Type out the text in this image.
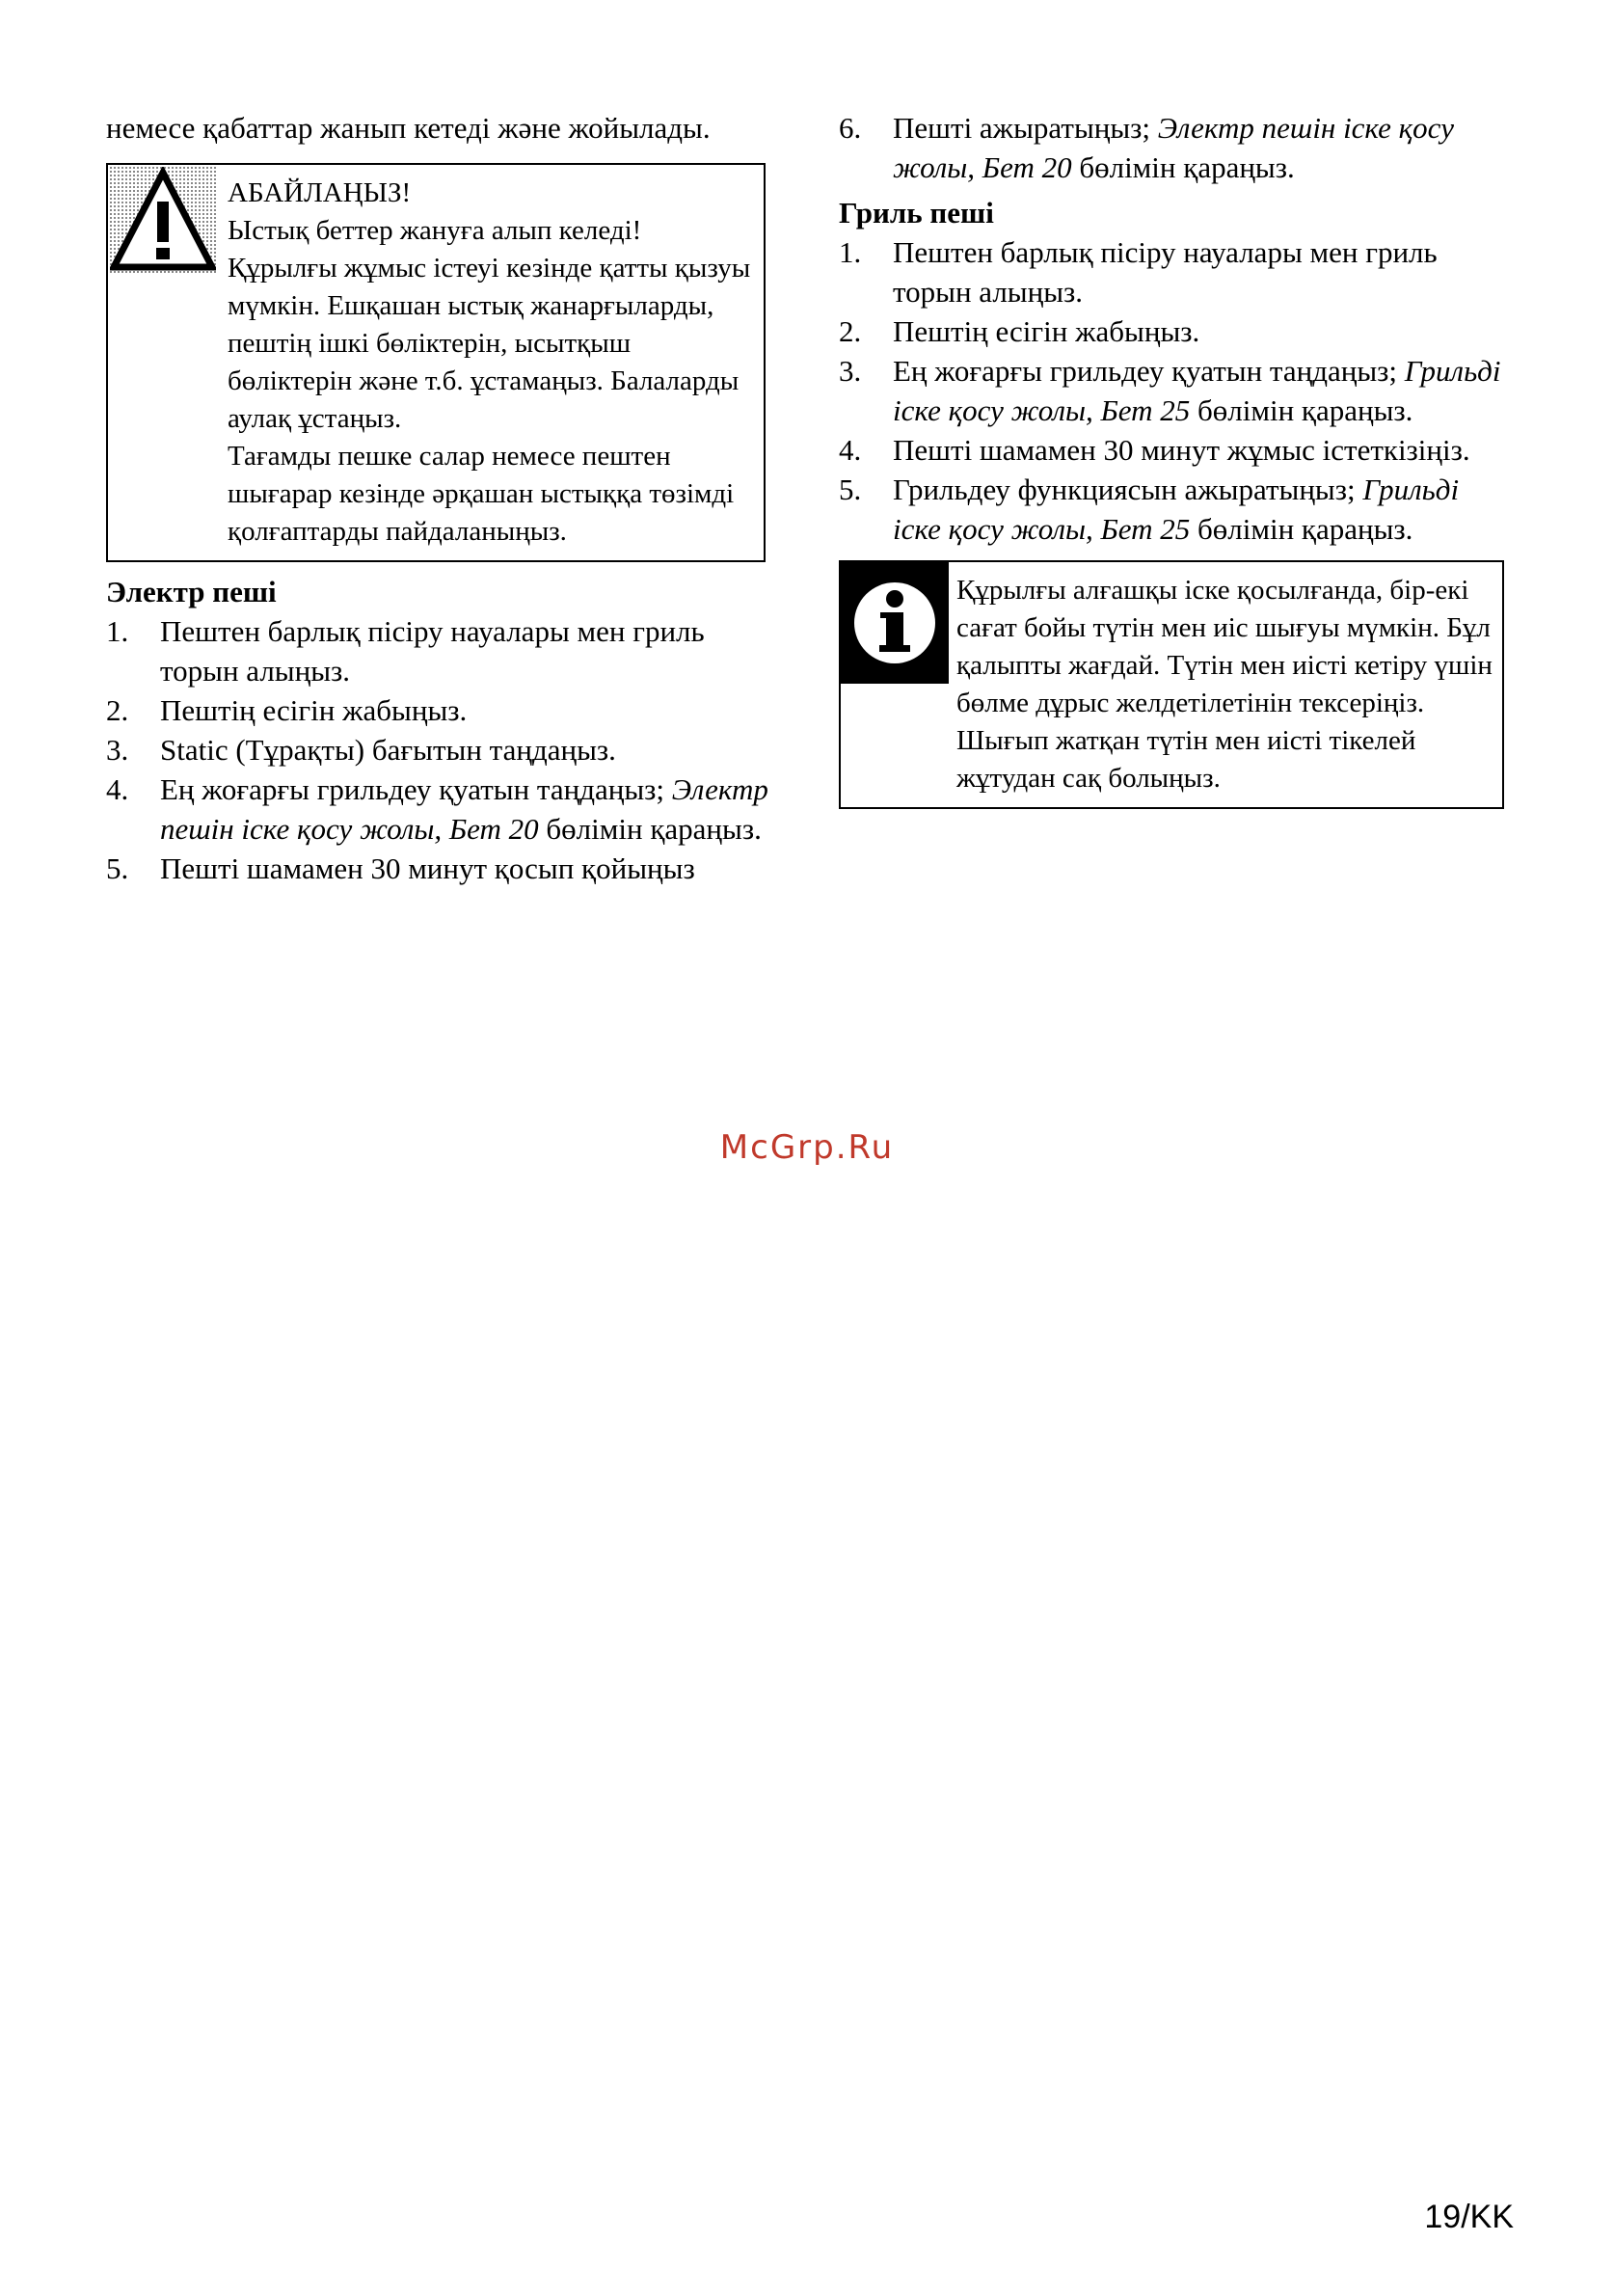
немесе қабаттар жанып кетеді және жойылады.

АБАЙЛАҢЫЗ!

Ыстық беттер жануға алып келеді! Құрылғы жұмыс істеуі кезінде қатты қызуы мүмкін. Ешқашан ыстық жанарғыларды, пештің ішкі бөліктерін, ысытқыш бөліктерін және т.б. ұстамаңыз. Балаларды аулақ ұстаңыз.

Тағамды пешке салар немесе пештен шығарар кезінде әрқашан ыстыққа төзімді қолғаптарды пайдаланыңыз.

Электр пеші

1. Пештен барлық пісіру науалары мен гриль торын алыңыз.
2. Пештің есігін жабыңыз.
3. Static (Тұрақты) бағытын таңдаңыз.
4. Ең жоғарғы грильдеу қуатын таңдаңыз; Электр пешін іске қосу жолы, Бет 20 бөлімін қараңыз.
5. Пешті шамамен 30 минут қосып қойыңыз
6. Пешті ажыратыңыз; Электр пешін іске қосу жолы, Бет 20 бөлімін қараңыз.

Гриль пеші

1. Пештен барлық пісіру науалары мен гриль торын алыңыз.
2. Пештің есігін жабыңыз.
3. Ең жоғарғы грильдеу қуатын таңдаңыз; Грильді іске қосу жолы, Бет 25 бөлімін қараңыз.
4. Пешті шамамен 30 минут жұмыс істеткізіңіз.
5. Грильдеу функциясын ажыратыңыз; Грильді іске қосу жолы, Бет 25 бөлімін қараңыз.

Құрылғы алғашқы іске қосылғанда, бір-екі сағат бойы түтін мен иіс шығуы мүмкін. Бұл қалыпты жағдай. Түтін мен иісті кетіру үшін бөлме дұрыс желдетілетінін тексеріңіз. Шығып жатқан түтін мен иісті тікелей жұтудан сақ болыңыз.

McGrp.Ru
19/KK
